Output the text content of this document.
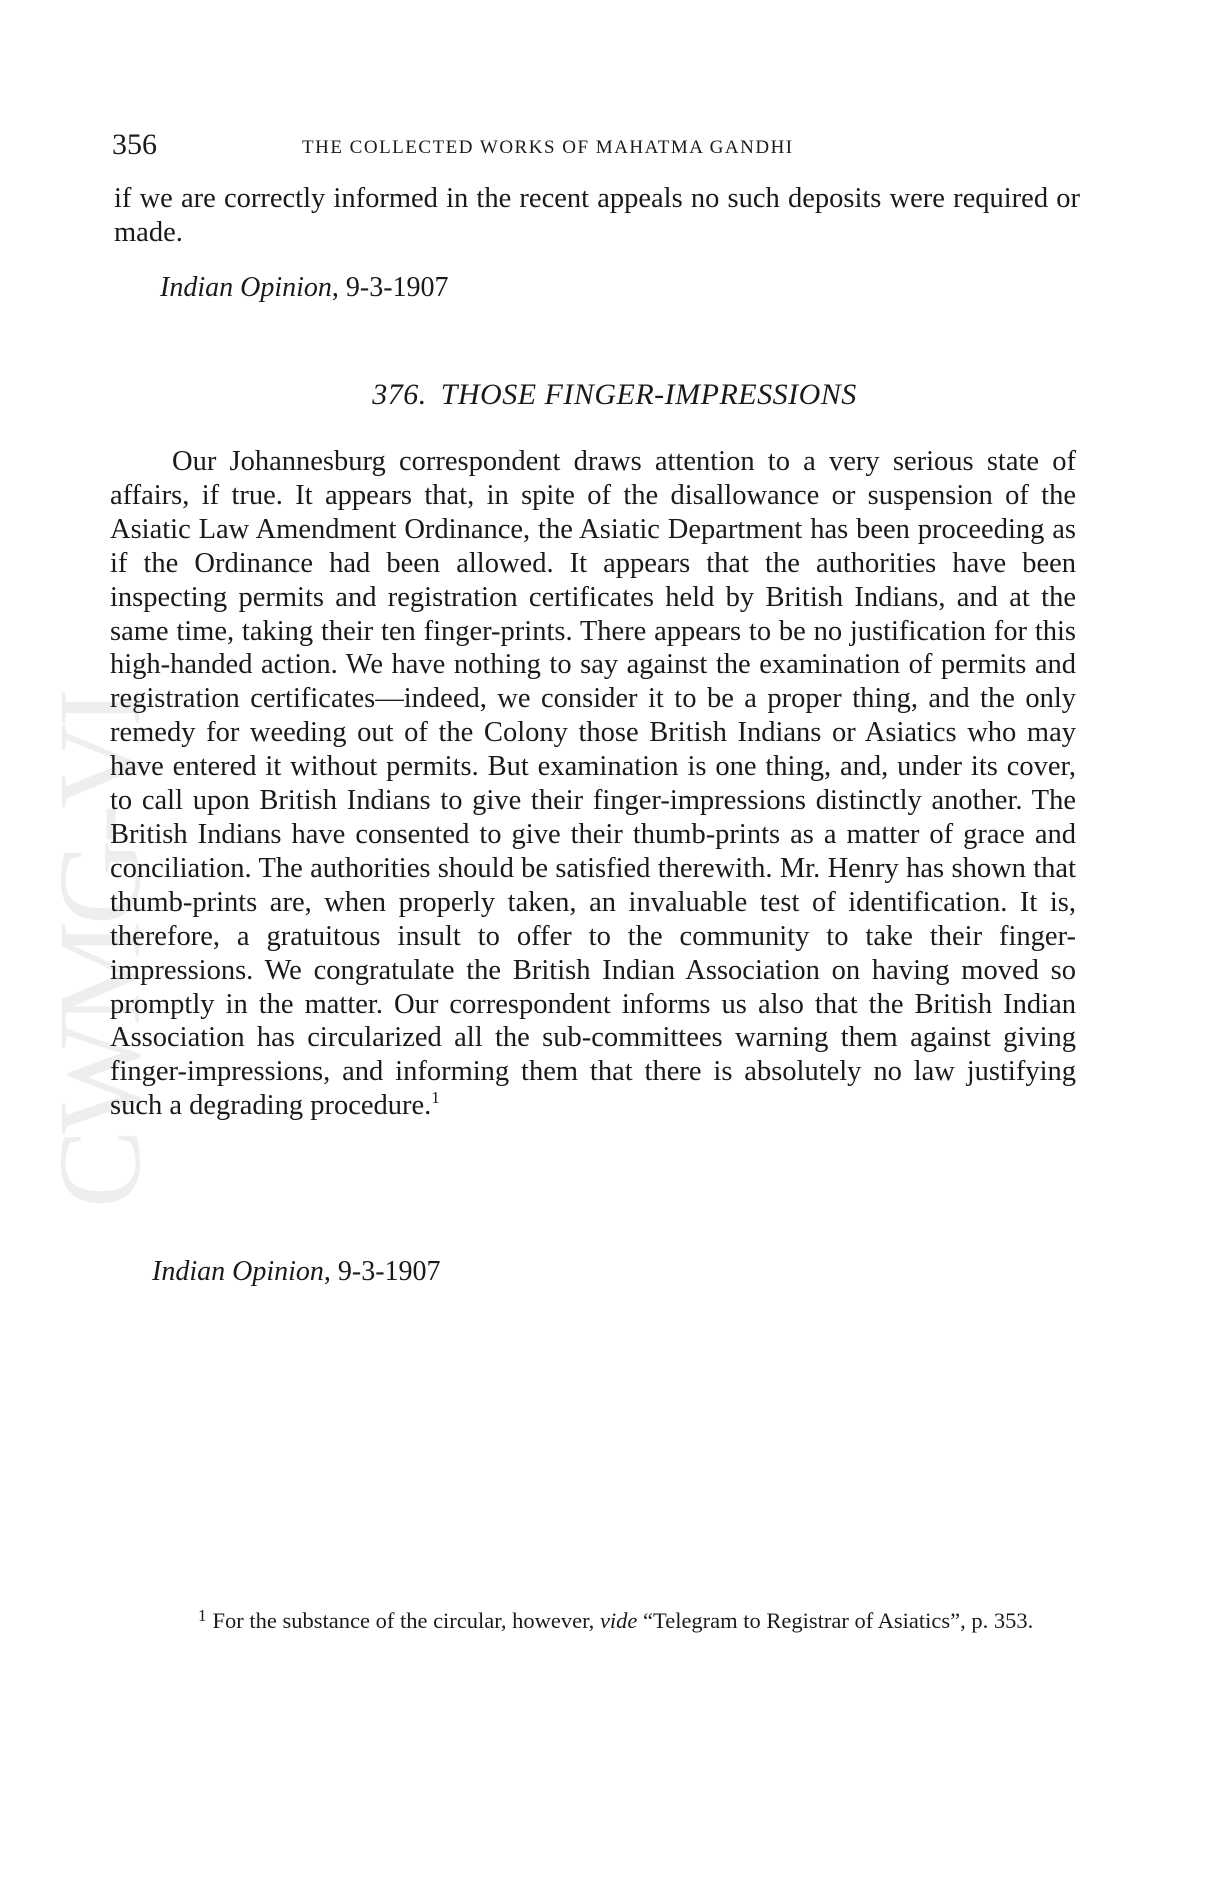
CWMG-VI
356	THE COLLECTED WORKS OF MAHATMA GANDHI

if we are correctly informed in the recent appeals no such deposits were required or made.

Indian Opinion, 9-3-1907
376. THOSE FINGER-IMPRESSIONS

Our Johannesburg correspondent draws attention to a very serious state of affairs, if true. It appears that, in spite of the disallowance or suspension of the Asiatic Law Amendment Ordinance, the Asiatic Department has been proceeding as if the Ordinance had been allowed. It appears that the authorities have been inspecting permits and registration certificates held by British Indians, and at the same time, taking their ten finger-prints. There appears to be no justification for this high-handed action. We have nothing to say against the examination of permits and registration certificates—indeed, we consider it to be a proper thing, and the only remedy for weeding out of the Colony those British Indians or Asiatics who may have entered it without permits. But examination is one thing, and, under its cover, to call upon British Indians to give their finger-impressions distinctly another. The British Indians have consented to give their thumb-prints as a matter of grace and conciliation. The authorities should be satisfied therewith. Mr. Henry has shown that thumb-prints are, when properly taken, an invaluable test of identification. It is, therefore, a gratuitous insult to offer to the community to take their finger-impressions. We congratulate the British Indian Association on having moved so promptly in the matter. Our correspondent informs us also that the British Indian Association has circularized all the sub-committees warning them against giving finger-impressions, and informing them that there is absolutely no law justifying such a degrading procedure.$^1$

Indian Opinion, 9-3-1907

$^1$ For the substance of the circular, however, vide “Telegram to Registrar of Asiatics”, p. 353.
